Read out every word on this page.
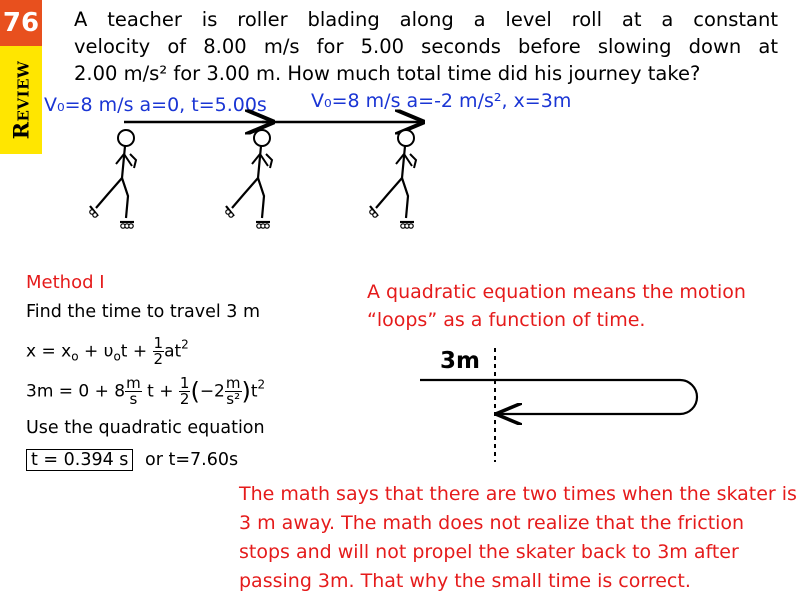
76
Review
A teacher is roller blading along a level roll at a constant
velocity of 8.00 m/s for 5.00 seconds before slowing down at
2.00 m/s² for 3.00 m. How much total time did his journey take?
V₀=8 m/s a=0, t=5.00s V₀=8 m/s a=-2 m/s², x=3m
3m
Method I
Find the time to travel 3 m
$x = x_o + \upsilon_ot + \frac{1}{2} at^2$
$3m = 0 + 8 \frac{m}{s}$ $t + \frac{1}{2} (-2 \frac{m}{\text{s²}} )t^2$
Use the quadratic equation
t = 0.394 s or t=7.60s
A quadratic equation means the motion “loops” as a function of time.
The math says that there are two times when the skater is 3 m away. The math does not realize that the friction stops and will not propel the skater back to 3m after passing 3m. That why the small time is correct.
